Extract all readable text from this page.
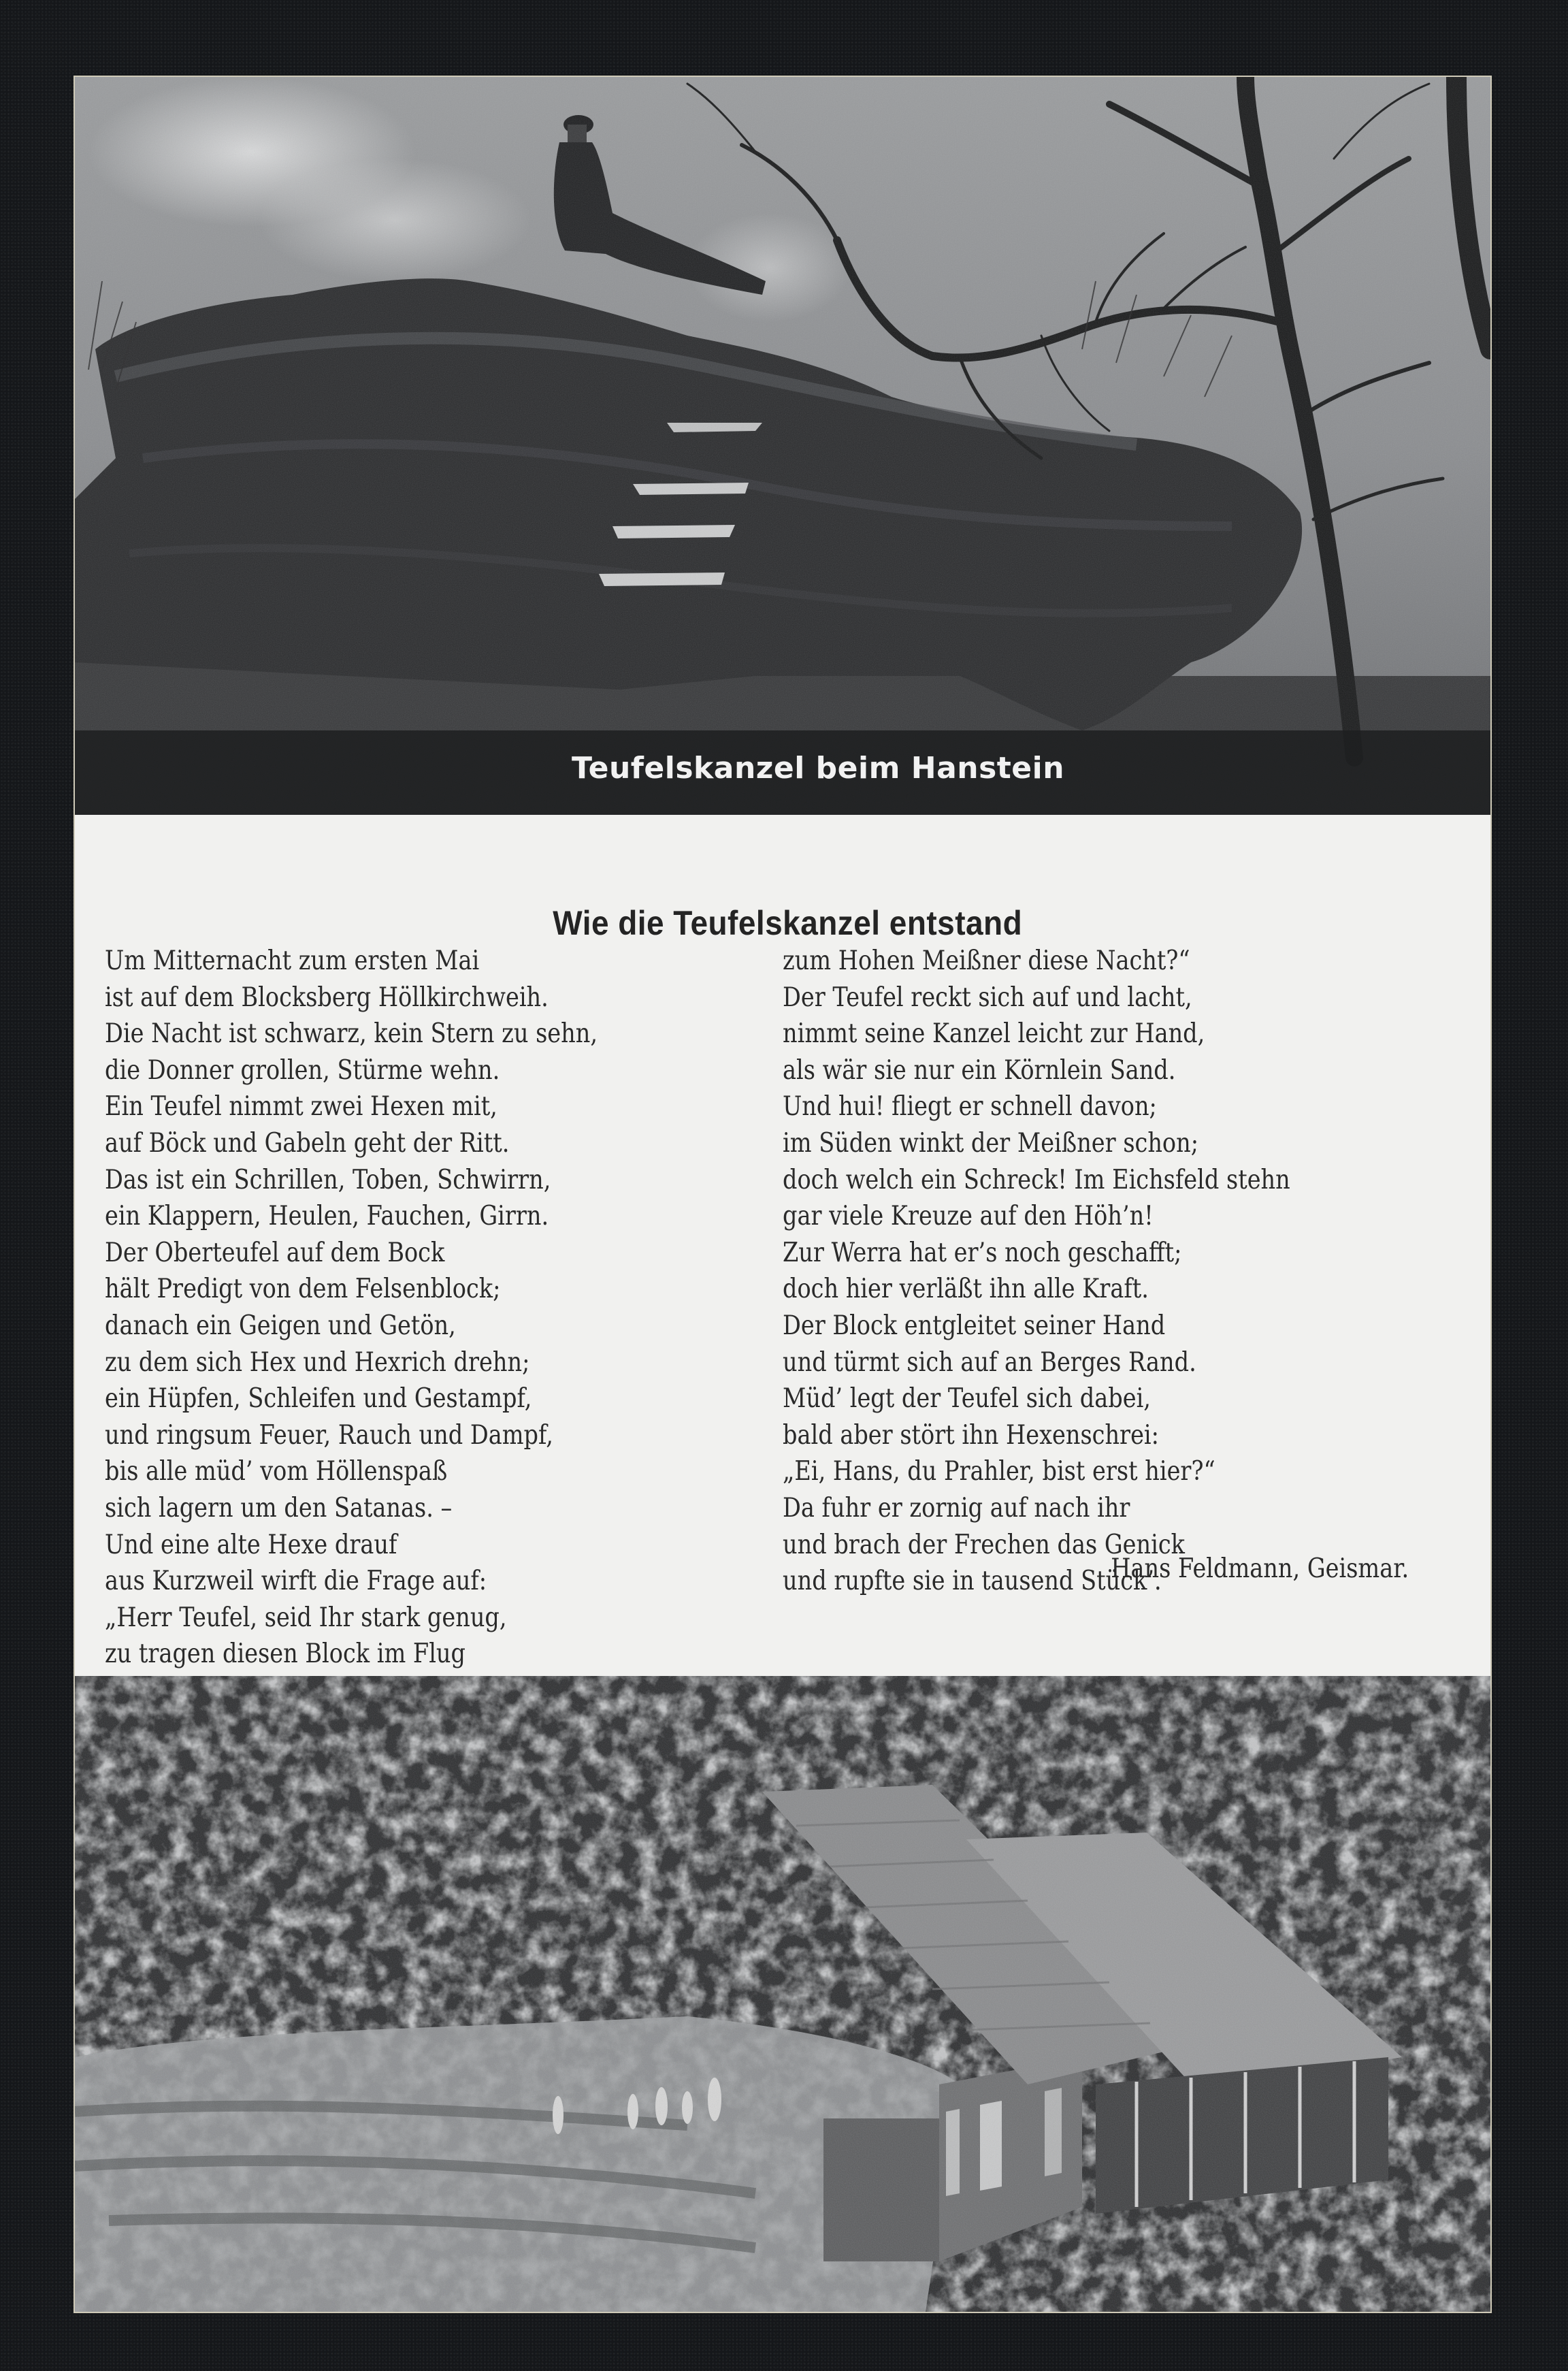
Teufelskanzel beim Hanstein
Wie die Teufelskanzel entstand
Um Mitternacht zum ersten Mai
ist auf dem Blocksberg Höllkirchweih.
Die Nacht ist schwarz, kein Stern zu sehn,
die Donner grollen, Stürme wehn.
Ein Teufel nimmt zwei Hexen mit,
auf Böck und Gabeln geht der Ritt.
Das ist ein Schrillen, Toben, Schwirrn,
ein Klappern, Heulen, Fauchen, Girrn.
Der Oberteufel auf dem Bock
hält Predigt von dem Felsenblock;
danach ein Geigen und Getön,
zu dem sich Hex und Hexrich drehn;
ein Hüpfen, Schleifen und Gestampf,
und ringsum Feuer, Rauch und Dampf,
bis alle müd’ vom Höllenspaß
sich lagern um den Satanas. –
Und eine alte Hexe drauf
aus Kurzweil wirft die Frage auf:
„Herr Teufel, seid Ihr stark genug,
zu tragen diesen Block im Flug
zum Hohen Meißner diese Nacht?“
Der Teufel reckt sich auf und lacht,
nimmt seine Kanzel leicht zur Hand,
als wär sie nur ein Körnlein Sand.
Und hui! fliegt er schnell davon;
im Süden winkt der Meißner schon;
doch welch ein Schreck! Im Eichsfeld stehn
gar viele Kreuze auf den Höh’n!
Zur Werra hat er’s noch geschafft;
doch hier verläßt ihn alle Kraft.
Der Block entgleitet seiner Hand
und türmt sich auf an Berges Rand.
Müd’ legt der Teufel sich dabei,
bald aber stört ihn Hexenschrei:
„Ei, Hans, du Prahler, bist erst hier?“
Da fuhr er zornig auf nach ihr
und brach der Frechen das Genick
und rupfte sie in tausend Stück’.
Hans Feldmann, Geismar.
